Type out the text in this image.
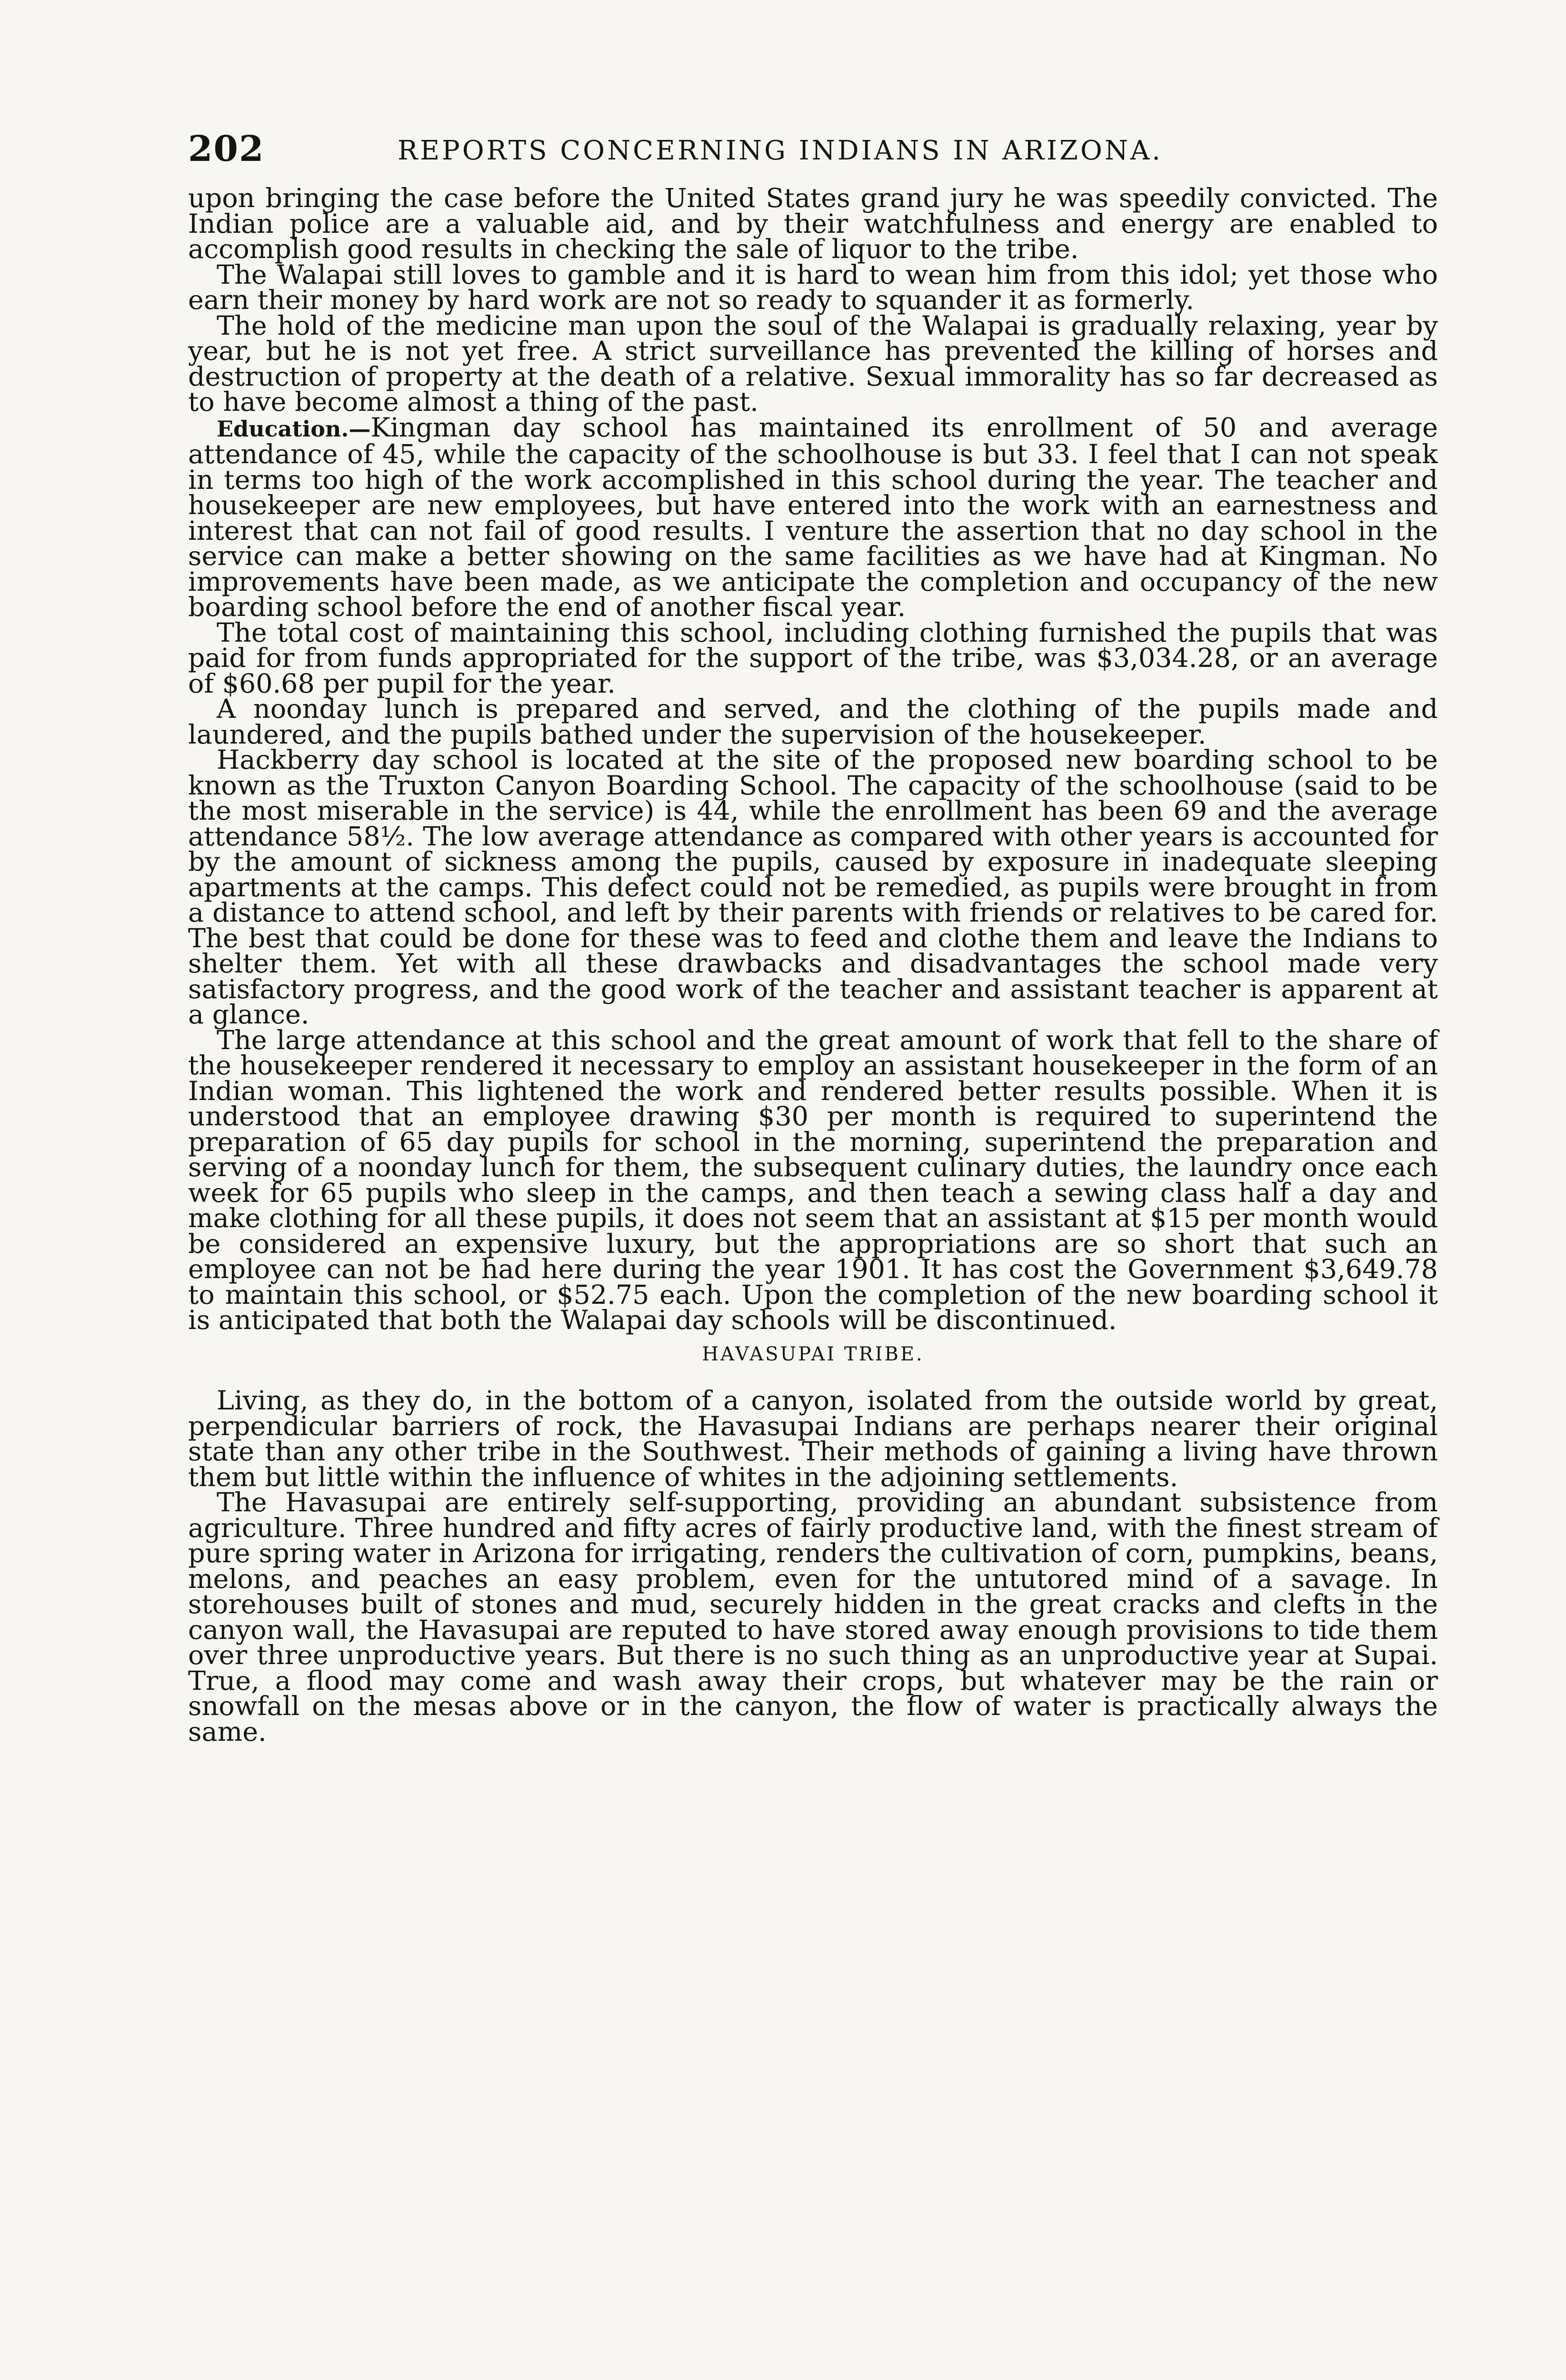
202	REPORTS CONCERNING INDIANS IN ARIZONA.

upon bringing the case before the United States grand jury he was speedily convicted. The Indian police are a valuable aid, and by their watchfulness and energy are enabled to accomplish good results in checking the sale of liquor to the tribe.

The Walapai still loves to gamble and it is hard to wean him from this idol; yet those who earn their money by hard work are not so ready to squander it as formerly.

The hold of the medicine man upon the soul of the Walapai is gradually relaxing, year by year, but he is not yet free. A strict surveillance has prevented the killing of horses and destruction of property at the death of a relative. Sexual immorality has so far decreased as to have become almost a thing of the past.

Education.—Kingman day school has maintained its enrollment of 50 and average attendance of 45, while the capacity of the schoolhouse is but 33. I feel that I can not speak in terms too high of the work accomplished in this school during the year. The teacher and housekeeper are new employees, but have entered into the work with an earnestness and interest that can not fail of good results. I venture the assertion that no day school in the service can make a better showing on the same facilities as we have had at Kingman. No improvements have been made, as we anticipate the completion and occupancy of the new boarding school before the end of another fiscal year.

The total cost of maintaining this school, including clothing furnished the pupils that was paid for from funds appropriated for the support of the tribe, was $3,034.28, or an average of $60.68 per pupil for the year.

A noonday lunch is prepared and served, and the clothing of the pupils made and laundered, and the pupils bathed under the supervision of the housekeeper.

Hackberry day school is located at the site of the proposed new boarding school to be known as the Truxton Canyon Boarding School. The capacity of the schoolhouse (said to be the most miserable in the service) is 44, while the enrollment has been 69 and the average attendance 58½. The low average attendance as compared with other years is accounted for by the amount of sickness among the pupils, caused by exposure in inadequate sleeping apartments at the camps. This defect could not be remedied, as pupils were brought in from a distance to attend school, and left by their parents with friends or relatives to be cared for. The best that could be done for these was to feed and clothe them and leave the Indians to shelter them. Yet with all these drawbacks and disadvantages the school made very satisfactory progress, and the good work of the teacher and assistant teacher is apparent at a glance.

The large attendance at this school and the great amount of work that fell to the share of the housekeeper rendered it necessary to employ an assistant housekeeper in the form of an Indian woman. This lightened the work and rendered better results possible. When it is understood that an employee drawing $30 per month is required to superintend the preparation of 65 day pupils for school in the morning, superintend the preparation and serving of a noonday lunch for them, the subsequent culinary duties, the laundry once each week for 65 pupils who sleep in the camps, and then teach a sewing class half a day and make clothing for all these pupils, it does not seem that an assistant at $15 per month would be considered an expensive luxury, but the appropriations are so short that such an employee can not be had here during the year 1901. It has cost the Government $3,649.78 to maintain this school, or $52.75 each. Upon the completion of the new boarding school it is anticipated that both the Walapai day schools will be discontinued.

HAVASUPAI TRIBE.

Living, as they do, in the bottom of a canyon, isolated from the outside world by great, perpendicular barriers of rock, the Havasupai Indians are perhaps nearer their original state than any other tribe in the Southwest. Their methods of gaining a living have thrown them but little within the influence of whites in the adjoining settlements.

The Havasupai are entirely self-supporting, providing an abundant subsistence from agriculture. Three hundred and fifty acres of fairly productive land, with the finest stream of pure spring water in Arizona for irrigating, renders the cultivation of corn, pumpkins, beans, melons, and peaches an easy problem, even for the untutored mind of a savage. In storehouses built of stones and mud, securely hidden in the great cracks and clefts in the canyon wall, the Havasupai are reputed to have stored away enough provisions to tide them over three unproductive years. But there is no such thing as an unproductive year at Supai. True, a flood may come and wash away their crops, but whatever may be the rain or snowfall on the mesas above or in the canyon, the flow of water is practically always the same.
